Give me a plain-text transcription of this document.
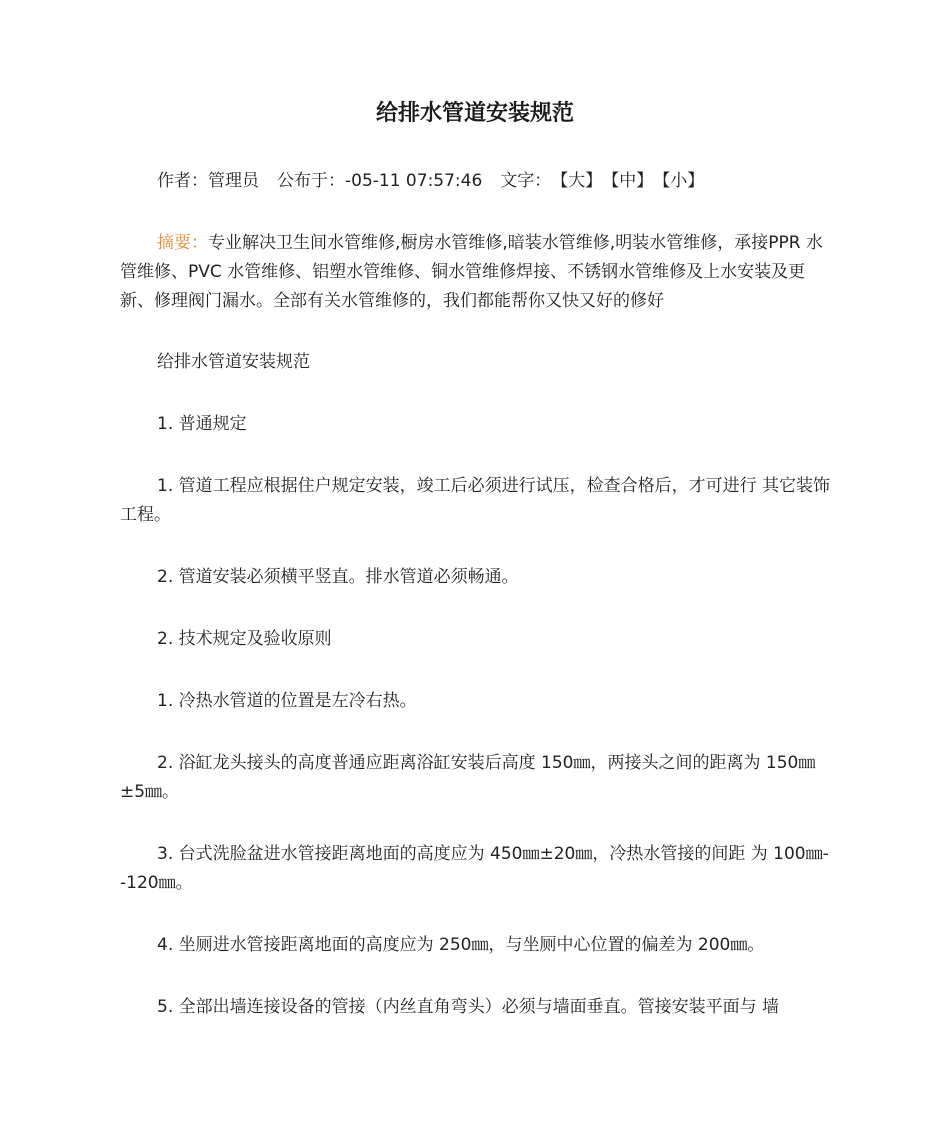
给排水管道安装规范
作者：管理员 公布于：-05-11 07:57:46 文字：【大】【中】【小】
摘要：专业解决卫生间水管维修,橱房水管维修,暗装水管维修,明装水管维修，承接PPR 水管维修、PVC 水管维修、铝塑水管维修、铜水管维修焊接、不锈钢水管维修及上水安装及更新、修理阀门漏水。全部有关水管维修的，我们都能帮你又快又好的修好
给排水管道安装规范
1. 普通规定
1. 管道工程应根据住户规定安装，竣工后必须进行试压，检查合格后，才可进行 其它装饰工程。
2. 管道安装必须横平竖直。排水管道必须畅通。
2. 技术规定及验收原则
1. 冷热水管道的位置是左冷右热。
2. 浴缸龙头接头的高度普通应距离浴缸安装后高度 150㎜，两接头之间的距离为 150㎜±5㎜。
3. 台式洗脸盆进水管接距离地面的高度应为 450㎜±20㎜，冷热水管接的间距 为 100㎜--120㎜。
4. 坐厕进水管接距离地面的高度应为 250㎜，与坐厕中心位置的偏差为 200㎜。
5. 全部出墙连接设备的管接（内丝直角弯头）必须与墙面垂直。管接安装平面与 墙
